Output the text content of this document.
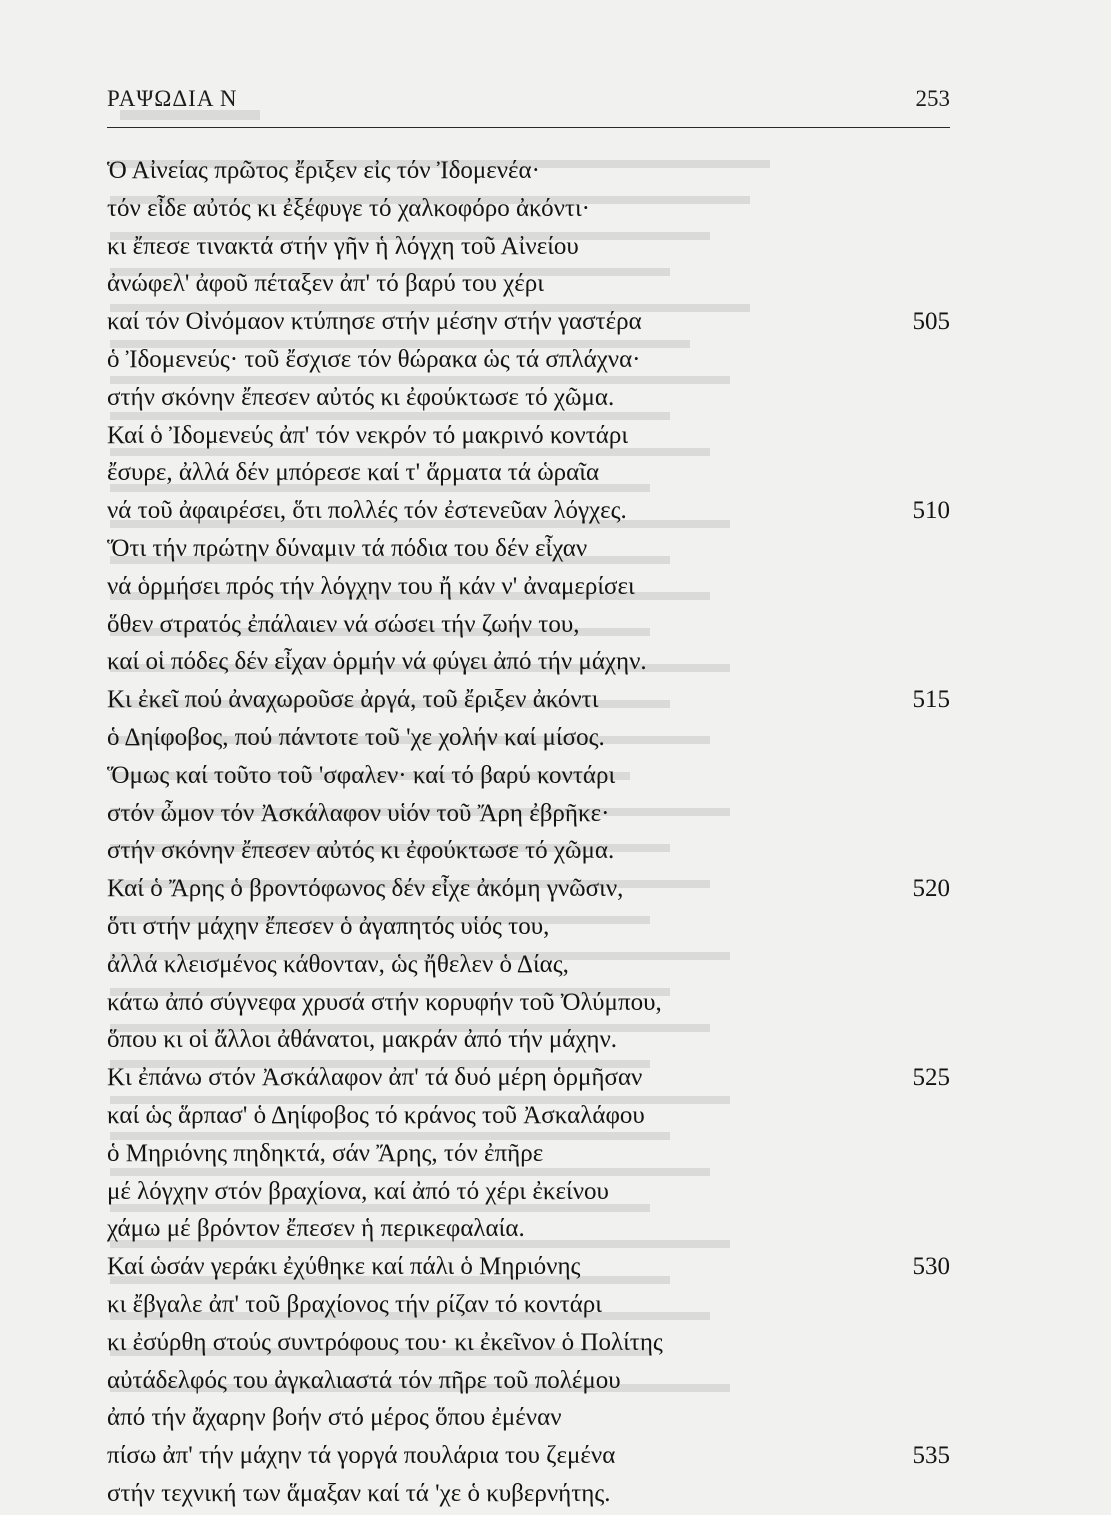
ΡΑΨΩΔΙΑ Ν	253
Ὁ Αἰνείας πρῶτος ἔριξεν εἰς τόν Ἰδομενέα·
τόν εἶδε αὐτός κι ἐξέφυγε τό χαλκοφόρο ἀκόντι·
κι ἔπεσε τινακτά στήν γῆν ἡ λόγχη τοῦ Αἰνείου
ἀνώφελ' ἀφοῦ πέταξεν ἀπ' τό βαρύ του χέρι
καί τόν Οἰνόμαον κτύπησε στήν μέσην στήν γαστέρα	505
ὁ Ἰδομενεύς· τοῦ ἔσχισε τόν θώρακα ὡς τά σπλάχνα·
στήν σκόνην ἔπεσεν αὐτός κι ἐφούκτωσε τό χῶμα.
Καί ὁ Ἰδομενεύς ἀπ' τόν νεκρόν τό μακρινό κοντάρι
ἔσυρε, ἀλλά δέν μπόρεσε καί τ' ἅρματα τά ὡραῖα
νά τοῦ ἀφαιρέσει, ὅτι πολλές τόν ἐστενεῦαν λόγχες.	510
Ὅτι τήν πρώτην δύναμιν τά πόδια του δέν εἶχαν
νά ὁρμήσει πρός τήν λόγχην του ἤ κάν ν' ἀναμερίσει
ὅθεν στρατός ἐπάλαιεν νά σώσει τήν ζωήν του,
καί οἱ πόδες δέν εἶχαν ὁρμήν νά φύγει ἀπό τήν μάχην.
Κι ἐκεῖ πού ἀναχωροῦσε ἀργά, τοῦ ἔριξεν ἀκόντι	515
ὁ Δηίφοβος, πού πάντοτε τοῦ 'χε χολήν καί μίσος.
Ὅμως καί τοῦτο τοῦ 'σφαλεν· καί τό βαρύ κοντάρι
στόν ὦμον τόν Ἀσκάλαφον υἱόν τοῦ Ἄρη ἐβρῆκε·
στήν σκόνην ἔπεσεν αὐτός κι ἐφούκτωσε τό χῶμα.
Καί ὁ Ἄρης ὁ βροντόφωνος δέν εἶχε ἀκόμη γνῶσιν,	520
ὅτι στήν μάχην ἔπεσεν ὁ ἀγαπητός υἱός του,
ἀλλά κλεισμένος κάθονταν, ὡς ἤθελεν ὁ Δίας,
κάτω ἀπό σύγνεφα χρυσά στήν κορυφήν τοῦ Ὀλύμπου,
ὅπου κι οἱ ἄλλοι ἀθάνατοι, μακράν ἀπό τήν μάχην.
Κι ἐπάνω στόν Ἀσκάλαφον ἀπ' τά δυό μέρη ὁρμῆσαν	525
καί ὡς ἅρπασ' ὁ Δηίφοβος τό κράνος τοῦ Ἀσκαλάφου
ὁ Μηριόνης πηδηκτά, σάν Ἄρης, τόν ἐπῆρε
μέ λόγχην στόν βραχίονα, καί ἀπό τό χέρι ἐκείνου
χάμω μέ βρόντον ἔπεσεν ἡ περικεφαλαία.
Καί ὡσάν γεράκι ἐχύθηκε καί πάλι ὁ Μηριόνης	530
κι ἔβγαλε ἀπ' τοῦ βραχίονος τήν ρίζαν τό κοντάρι
κι ἐσύρθη στούς συντρόφους του· κι ἐκεῖνον ὁ Πολίτης
αὐτάδελφός του ἀγκαλιαστά τόν πῆρε τοῦ πολέμου
ἀπό τήν ἄχαρην βοήν στό μέρος ὅπου ἐμέναν
πίσω ἀπ' τήν μάχην τά γοργά πουλάρια του ζεμένα	535
στήν τεχνική των ἅμαξαν καί τά 'χε ὁ κυβερνήτης.
